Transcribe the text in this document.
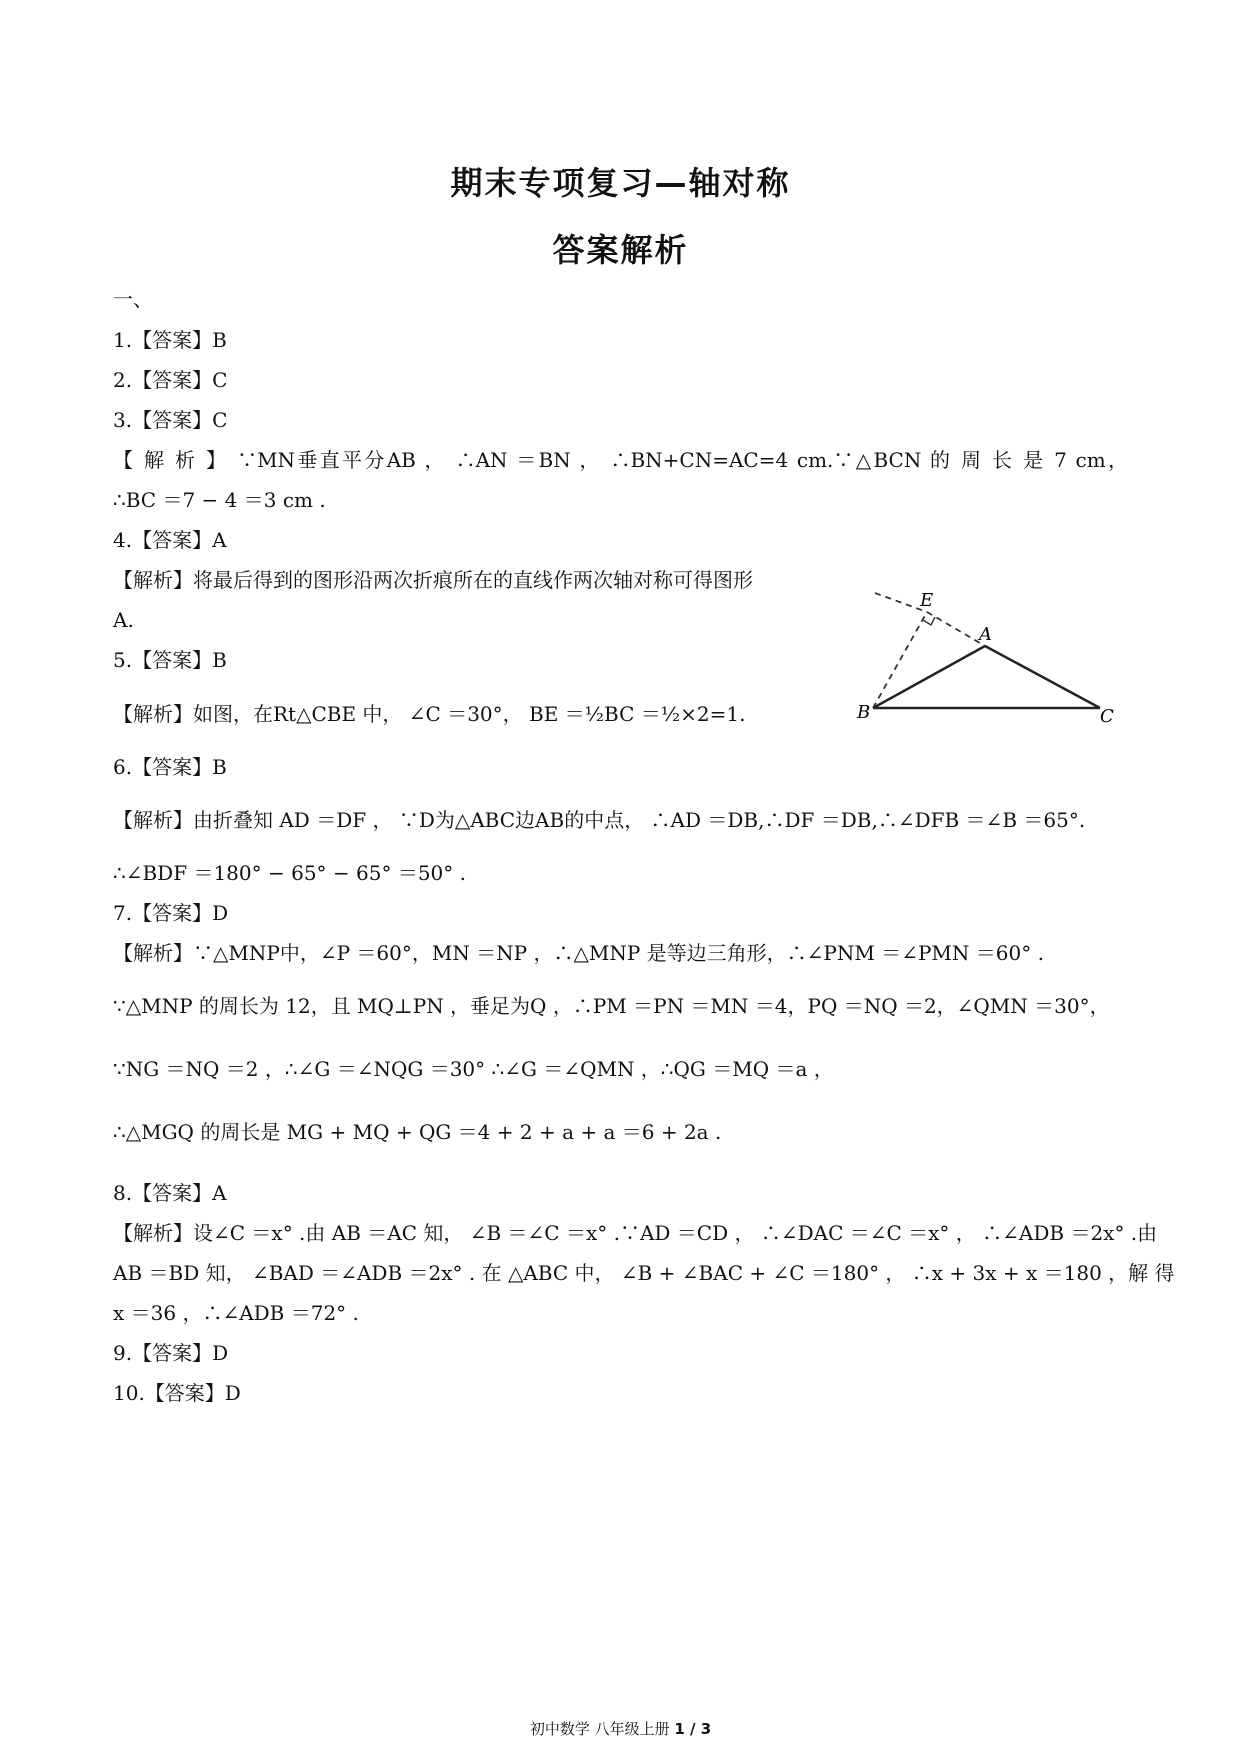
期末专项复习—轴对称
答案解析
一、
1.【答案】B
2.【答案】C
3.【答案】C
【 解 析 】 ∵MN垂直平分AB ， ∴AN ＝BN ， ∴BN+CN=AC=4 cm.∵△BCN 的 周 长 是 7 cm，
∴BC ＝7 − 4 ＝3 cm .
4.【答案】A
【解析】将最后得到的图形沿两次折痕所在的直线作两次轴对称可得图形
A.
5.【答案】B
【解析】如图，在Rt△CBE 中， ∠C ＝30°， BE ＝½BC ＝½×2=1.
6.【答案】B
【解析】由折叠知 AD ＝DF ， ∵D为△ABC边AB的中点， ∴AD ＝DB,∴DF ＝DB,∴∠DFB ＝∠B ＝65°.
∴∠BDF ＝180° − 65° − 65° ＝50° .
7.【答案】D
【解析】∵△MNP中，∠P ＝60°，MN ＝NP ，∴△MNP 是等边三角形，∴∠PNM ＝∠PMN ＝60° .
∵△MNP 的周长为 12，且 MQ⊥PN ，垂足为Q ，∴PM ＝PN ＝MN ＝4，PQ ＝NQ ＝2，∠QMN ＝30°，
∵NG ＝NQ ＝2 ，∴∠G ＝∠NQG ＝30° ∴∠G ＝∠QMN ，∴QG ＝MQ ＝a ，
∴△MGQ 的周长是 MG + MQ + QG ＝4 + 2 + a + a ＝6 + 2a .
8.【答案】A
【解析】设∠C ＝x° .由 AB ＝AC 知， ∠B ＝∠C ＝x° .∵AD ＝CD ， ∴∠DAC ＝∠C ＝x° ， ∴∠ADB ＝2x° .由
AB ＝BD 知， ∠BAD ＝∠ADB ＝2x° . 在 △ABC 中， ∠B + ∠BAC + ∠C ＝180° ， ∴x + 3x + x ＝180 ，解 得
x ＝36 ，∴∠ADB ＝72° .
9.【答案】D
10.【答案】D
E
A
B	C
初中数学 八年级上册 1 / 3
